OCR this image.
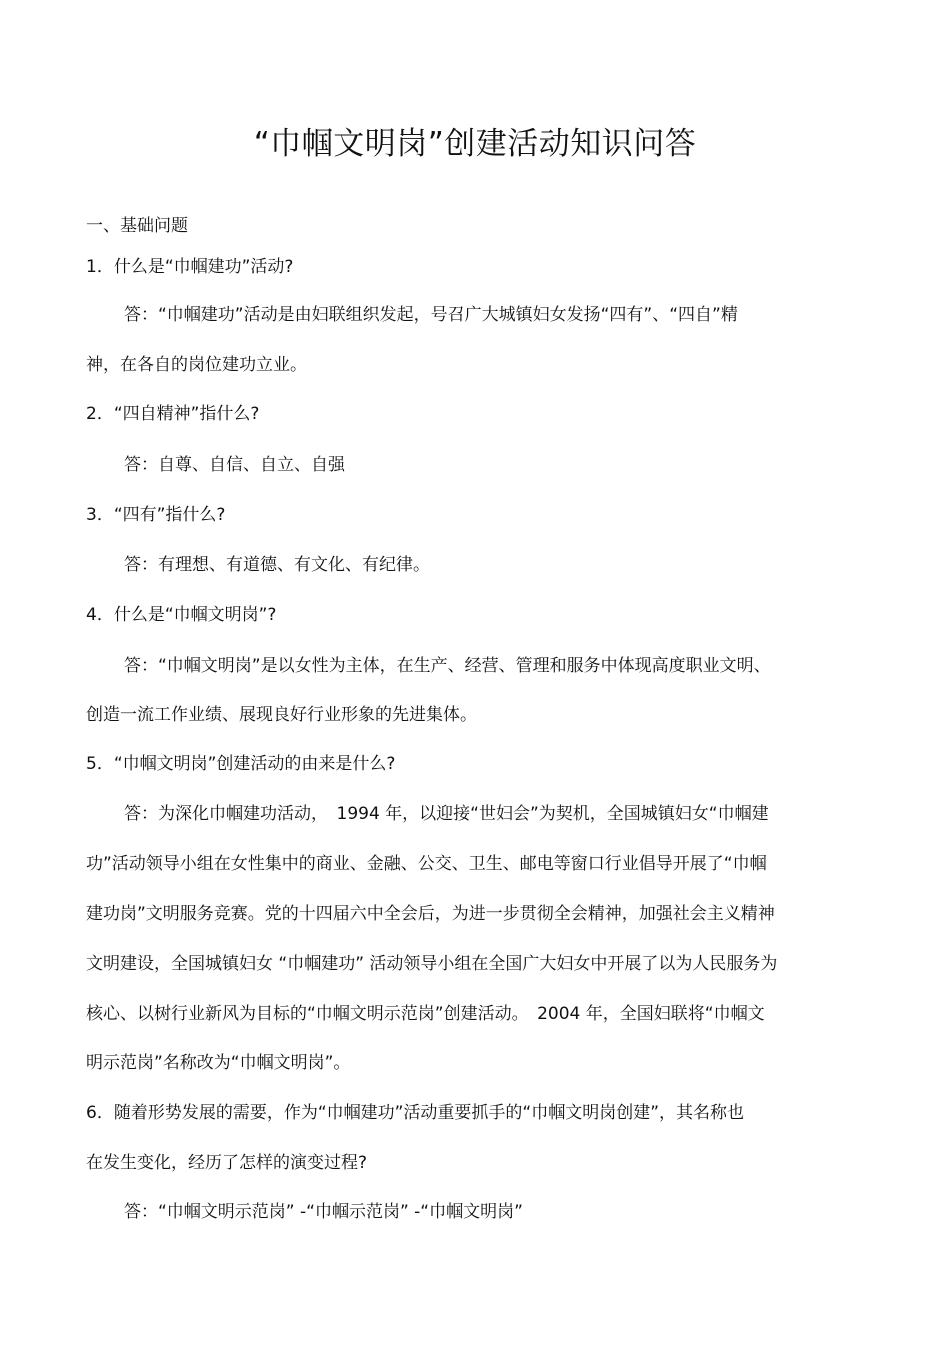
“巾帼文明岗”创建活动知识问答
一、基础问题
1．什么是“巾帼建功”活动?
答：“巾帼建功”活动是由妇联组织发起，号召广大城镇妇女发扬“四有”、“四自”精
神，在各自的岗位建功立业。
2．“四自精神”指什么?
答：自尊、自信、自立、自强
3．“四有”指什么?
答：有理想、有道德、有文化、有纪律。
4．什么是“巾帼文明岗”?
答：“巾帼文明岗”是以女性为主体，在生产、经营、管理和服务中体现高度职业文明、
创造一流工作业绩、展现良好行业形象的先进集体。
5．“巾帼文明岗”创建活动的由来是什么?
答：为深化巾帼建功活动，　1994 年，以迎接“世妇会”为契机，全国城镇妇女“巾帼建
功”活动领导小组在女性集中的商业、金融、公交、卫生、邮电等窗口行业倡导开展了“巾帼
建功岗”文明服务竞赛。党的十四届六中全会后，为进一步贯彻全会精神，加强社会主义精神
文明建设，全国城镇妇女 “巾帼建功” 活动领导小组在全国广大妇女中开展了以为人民服务为
核心、以树行业新风为目标的“巾帼文明示范岗”创建活动。　2004 年，全国妇联将“巾帼文
明示范岗”名称改为“巾帼文明岗”。
6．随着形势发展的需要，作为“巾帼建功”活动重要抓手的“巾帼文明岗创建”，其名称也
在发生变化，经历了怎样的演变过程?
答：“巾帼文明示范岗” -“巾帼示范岗” -“巾帼文明岗”
